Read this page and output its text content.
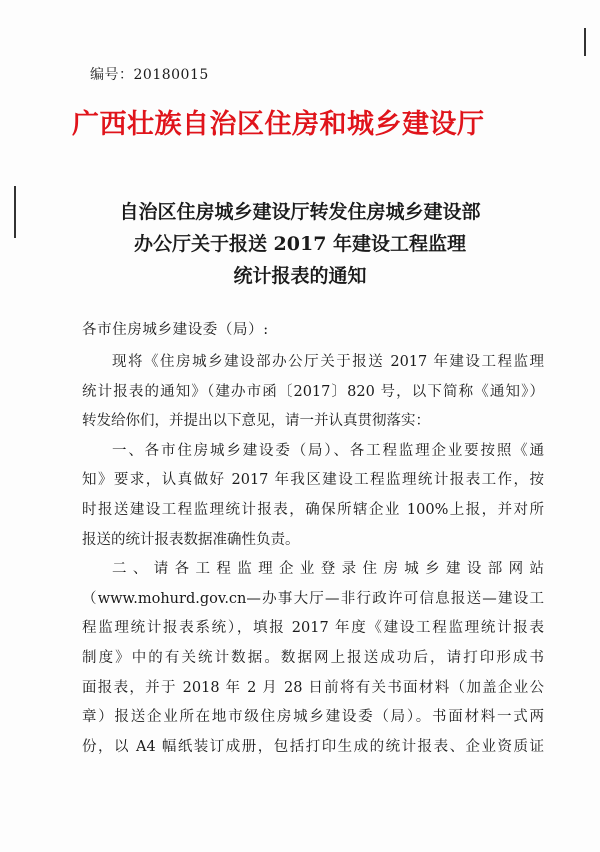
编号：20180015
广西壮族自治区住房和城乡建设厅
自治区住房城乡建设厅转发住房城乡建设部
办公厅关于报送 2017 年建设工程监理
统计报表的通知
各市住房城乡建设委（局）:
现将《住房城乡建设部办公厅关于报送 2017 年建设工程监理
统计报表的通知》（建办市函〔2017〕820 号，以下简称《通知》）
转发给你们，并提出以下意见，请一并认真贯彻落实：
一、各市住房城乡建设委（局）、各工程监理企业要按照《通
知》要求，认真做好 2017 年我区建设工程监理统计报表工作，按
时报送建设工程监理统计报表，确保所辖企业 100%上报，并对所
报送的统计报表数据准确性负责。
二、请各工程监理企业登录住房城乡建设部网站
（www.mohurd.gov.cn—办事大厅—非行政许可信息报送—建设工
程监理统计报表系统），填报 2017 年度《建设工程监理统计报表
制度》中的有关统计数据。数据网上报送成功后，请打印形成书
面报表，并于 2018 年 2 月 28 日前将有关书面材料（加盖企业公
章）报送企业所在地市级住房城乡建设委（局）。书面材料一式两
份，以 A4 幅纸装订成册，包括打印生成的统计报表、企业资质证
